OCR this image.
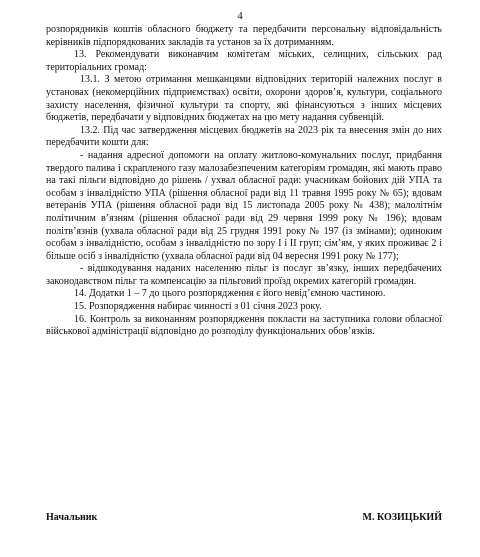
4

розпорядників коштів обласного бюджету та передбачити персональну відповідальність керівників підпорядкованих закладів та установ за їх дотриманням.

13. Рекомендувати виконавчим комітетам міських, селищних, сільських рад територіальних громад:

13.1. З метою отримання мешканцями відповідних територій належних послуг в установах (некомерційних підприємствах) освіти, охорони здоров’я, культури, соціального захисту населення, фізичної культури та спорту, які фінансуються з інших місцевих бюджетів, передбачати у відповідних бюджетах на цю мету надання субвенцій.

13.2. Під час затвердження місцевих бюджетів на 2023 рік та внесення змін до них передбачити кошти для:

- надання адресної допомоги на оплату житлово-комунальних послуг, придбання твердого палива і скрапленого газу малозабезпеченим категоріям громадян, які мають право на такі пільги відповідно до рішень / ухвал обласної ради: учасникам бойових дій УПА та особам з інвалідністю УПА (рішення обласної ради від 11 травня 1995 року № 65); вдовам ветеранів УПА (рішення обласної ради від 15 листопада 2005 року № 438); малолітнім політичним в’язням (рішення обласної ради від 29 червня 1999 року № 196); вдовам політв’язнів (ухвала обласної ради від 25 грудня 1991 року № 197 (із змінами); одиноким особам з інвалідністю, особам з інвалідністю по зору I і II груп; сім’ям, у яких проживає 2 і більше осіб з інвалідністю (ухвала обласної ради від 04 вересня 1991 року № 177);

- відшкодування наданих населенню пільг із послуг зв’язку, інших передбачених законодавством пільг та компенсацію за пільговий проїзд окремих категорій громадян.

14. Додатки 1 – 7 до цього розпорядження є його невід’ємною частиною.

15. Розпорядження набирає чинності з 01 січня 2023 року.

16. Контроль за виконанням розпорядження покласти на заступника голови обласної військової адміністрації відповідно до розподілу функціональних обов’язків.

Начальник	М. КОЗИЦЬКИЙ
